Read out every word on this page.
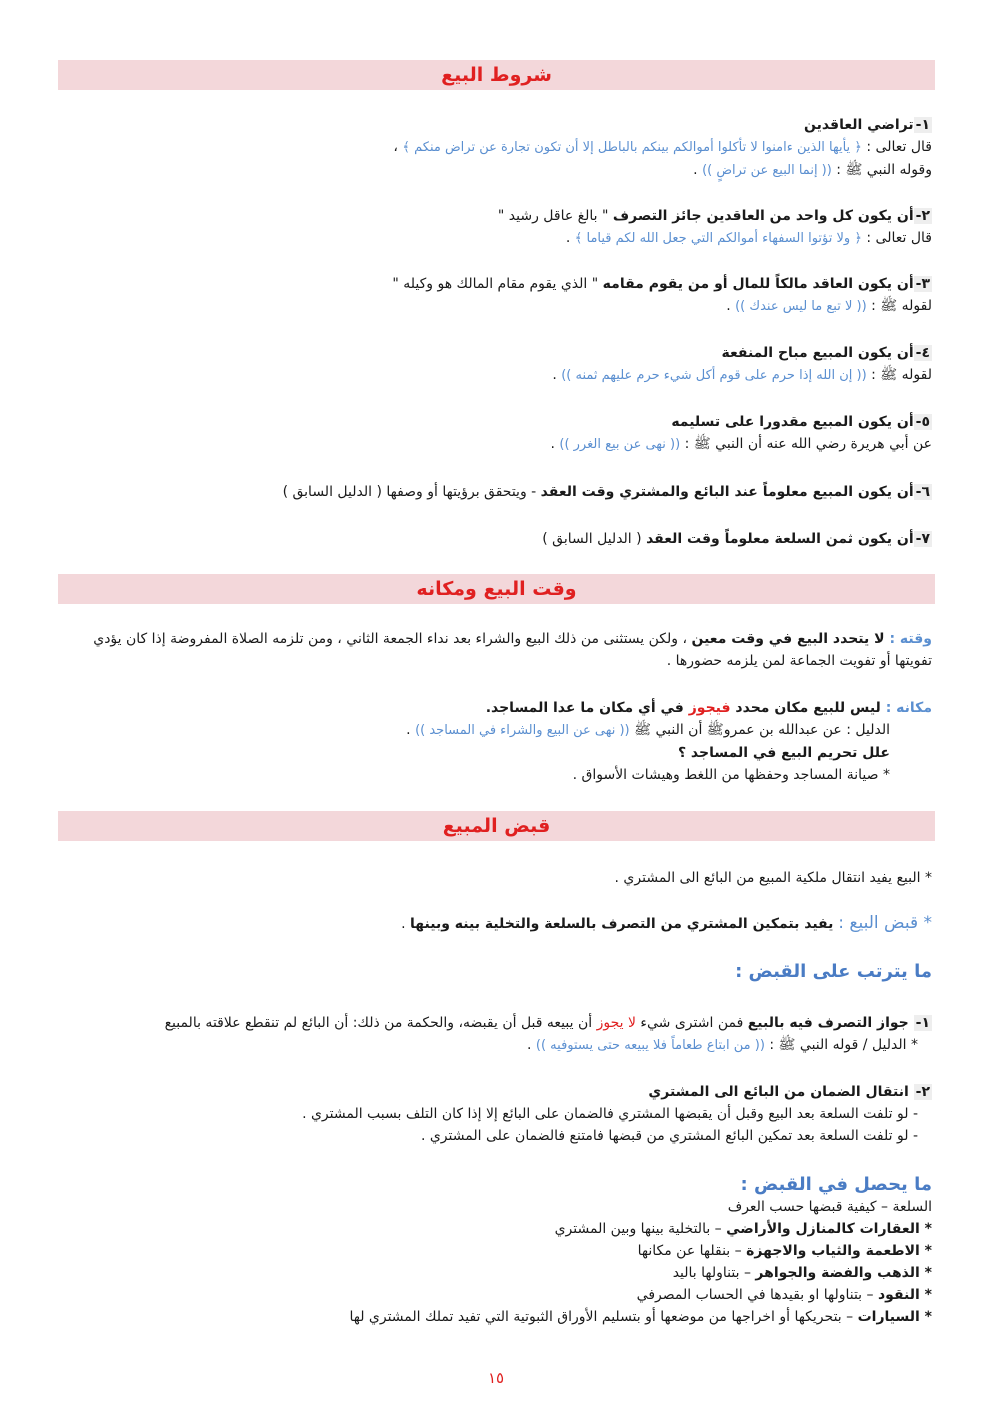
شروط البيع
١-تراضي العاقدين
قال تعالى : ﴿ يأيها الذين ءامنوا لا تأكلوا أموالكم بينكم بالباطل إلا أن تكون تجارة عن تراض منكم ﴾ ،
وقوله النبي ﷺ : (( إنما البيع عن تراضٍ )) .
٢-أن يكون كل واحد من العاقدين جائز التصرف " بالغ عاقل رشيد "
قال تعالى : ﴿ ولا تؤتوا السفهاء أموالكم التي جعل الله لكم قياما ﴾ .
٣-أن يكون العاقد مالكاً للمال أو من يقوم مقامه " الذي يقوم مقام المالك هو وكيله "
لقوله ﷺ : (( لا تبع ما ليس عندك )) .
٤-أن يكون المبيع مباح المنفعة
لقوله ﷺ : (( إن الله إذا حرم على قوم أكل شيء حرم عليهم ثمنه )) .
٥-أن يكون المبيع مقدورا على تسليمه
عن أبي هريرة رضي الله عنه أن النبي ﷺ : (( نهى عن بيع الغرر )) .
٦-أن يكون المبيع معلوماً عند البائع والمشتري وقت العقد - ويتحقق برؤيتها أو وصفها ( الدليل السابق )
٧-أن يكون ثمن السلعة معلوماً وقت العقد ( الدليل السابق )
وقت البيع ومكانه
وقته : لا يتحدد البيع في وقت معين ، ولكن يستثنى من ذلك البيع والشراء بعد نداء الجمعة الثاني ، ومن تلزمه الصلاة المفروضة إذا كان يؤدي تفويتها أو تفويت الجماعة لمن يلزمه حضورها .
مكانه : ليس للبيع مكان محدد فيجوز في أي مكان ما عدا المساجد.
الدليل : عن عبدالله بن عمروﷺ أن النبي ﷺ (( نهى عن البيع والشراء في المساجد )) .
علل تحريم البيع في المساجد ؟
* صيانة المساجد وحفظها من اللغط وهيشات الأسواق .
قبض المبيع
* البيع يفيد انتقال ملكية المبيع من البائع الى المشتري .
* قبض البيع : يفيد بتمكين المشتري من التصرف بالسلعة والتخلية بينه وبينها .
ما يترتب على القبض :
١- جواز التصرف فيه بالبيع فمن اشترى شيء لا يجوز أن يبيعه قبل أن يقبضه، والحكمة من ذلك: أن البائع لم تنقطع علاقته بالمبيع
* الدليل / قوله النبي ﷺ : (( من ابتاع طعاماً فلا يبيعه حتى يستوفيه )) .
٢- انتقال الضمان من البائع الى المشتري
- لو تلفت السلعة بعد البيع وقبل أن يقبضها المشتري فالضمان على البائع إلا إذا كان التلف بسبب المشتري .
- لو تلفت السلعة بعد تمكين البائع المشتري من قبضها فامتنع فالضمان على المشتري .
ما يحصل في القبض :
السلعة – كيفية قبضها حسب العرف
* العقارات كالمنازل والأراضي – بالتخلية بينها وبين المشتري
* الاطعمة والثياب والاجهزة – بنقلها عن مكانها
* الذهب والفضة والجواهر – بتناولها باليد
* النقود – بتناولها او بقيدها في الحساب المصرفي
* السيارات – بتحريكها أو اخراجها من موضعها أو بتسليم الأوراق الثبوتية التي تفيد تملك المشتري لها
١٥
